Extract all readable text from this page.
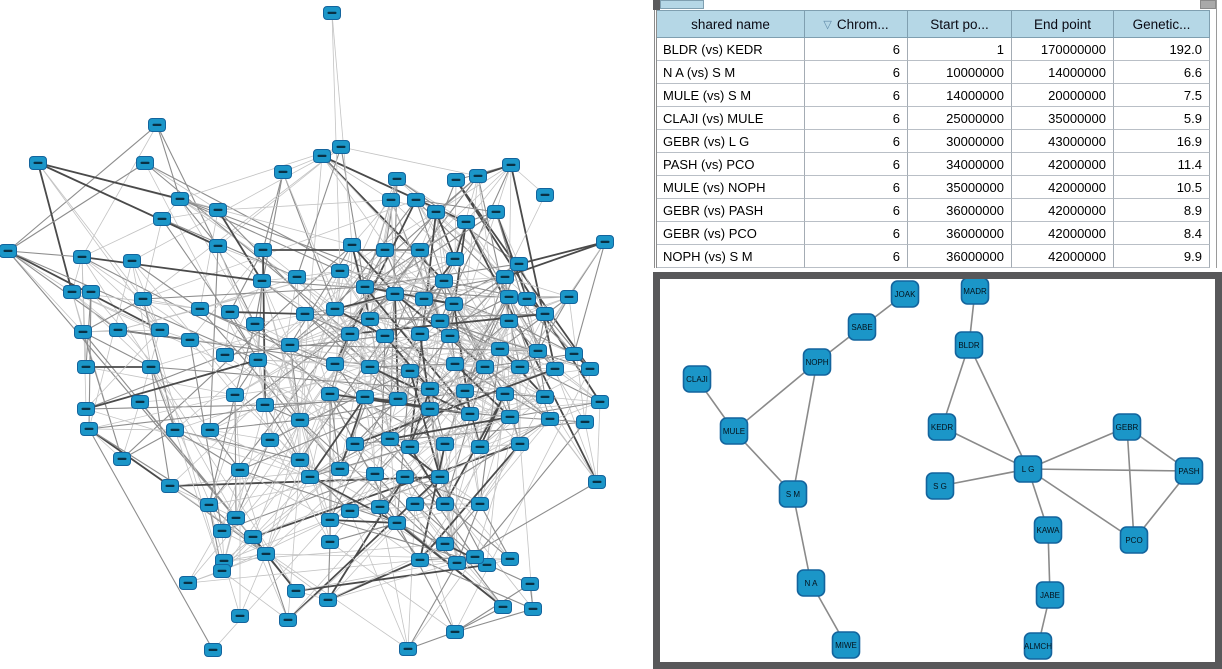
shared name	▽ Chrom...	Start po...	End point	Genetic...
BLDR (vs) KEDR	6	1	170000000	192.0
N A (vs) S M	6	10000000	14000000	6.6
MULE (vs) S M	6	14000000	20000000	7.5
CLAJI (vs) MULE	6	25000000	35000000	5.9
GEBR (vs) L G	6	30000000	43000000	16.9
PASH (vs) PCO	6	34000000	42000000	11.4
MULE (vs) NOPH	6	35000000	42000000	10.5
GEBR (vs) PASH	6	36000000	42000000	8.9
GEBR (vs) PCO	6	36000000	42000000	8.4
NOPH (vs) S M	6	36000000	42000000	9.9
JOAK	MADR
SABE
NOPH
BLDR
CLAJI
MULE	KEDR	GEBR
S M
S G
L G	PASH
KAWA
PCO
N A
JABE
MIWE	ALMCH
